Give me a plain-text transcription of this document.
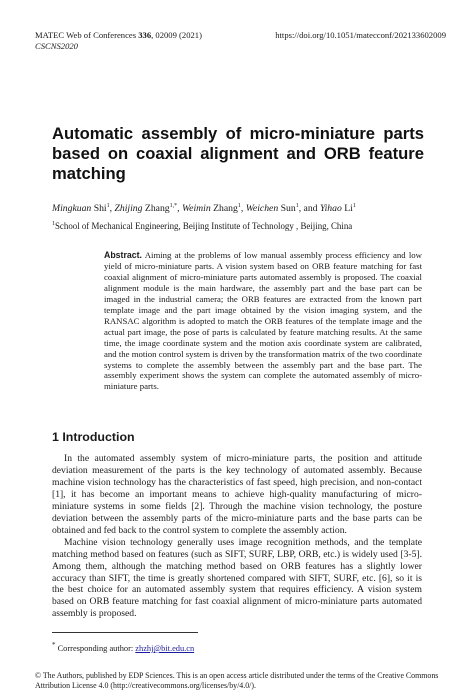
MATEC Web of Conferences 336, 02009 (2021)
CSCNS2020
https://doi.org/10.1051/matecconf/202133602009
Automatic assembly of micro-miniature parts based on coaxial alignment and ORB feature matching
Mingkuan Shi$^1$, Zhijing Zhang$^{1,*}$, Weimin Zhang$^1$, Weichen Sun$^1$, and Yihao Li$^1$
$^1$School of Mechanical Engineering, Beijing Institute of Technology , Beijing, China
Abstract. Aiming at the problems of low manual assembly process efficiency and low yield of micro-miniature parts. A vision system based on ORB feature matching for fast coaxial alignment of micro-miniature parts automated assembly is proposed. The coaxial alignment module is the main hardware, the assembly part and the base part can be imaged in the industrial camera; the ORB features are extracted from the known part template image and the part image obtained by the vision imaging system, and the RANSAC algorithm is adopted to match the ORB features of the template image and the actual part image, the pose of parts is calculated by feature matching results. At the same time, the image coordinate system and the motion axis coordinate system are calibrated, and the motion control system is driven by the transformation matrix of the two coordinate systems to complete the assembly between the assembly part and the base part. The assembly experiment shows the system can complete the automated assembly of micro-miniature parts.
1 Introduction

In the automated assembly system of micro-miniature parts, the position and attitude deviation measurement of the parts is the key technology of automated assembly. Because machine vision technology has the characteristics of fast speed, high precision, and non-contact [1], it has become an important means to achieve high-quality manufacturing of micro-miniature systems in some fields [2]. Through the machine vision technology, the posture deviation between the assembly parts of the micro-miniature parts and the base parts can be obtained and fed back to the control system to complete the assembly action.

Machine vision technology generally uses image recognition methods, and the template matching method based on features (such as SIFT, SURF, LBP, ORB, etc.) is widely used [3-5]. Among them, although the matching method based on ORB features has a slightly lower accuracy than SIFT, the time is greatly shortened compared with SIFT, SURF, etc. [6], so it is the best choice for an automated assembly system that requires efficiency. A vision system based on ORB feature matching for fast coaxial alignment of micro-miniature parts automated assembly is proposed.

* Corresponding author: zhzhj@bit.edu.cn
© The Authors, published by EDP Sciences. This is an open access article distributed under the terms of the Creative Commons Attribution License 4.0 (http://creativecommons.org/licenses/by/4.0/).
